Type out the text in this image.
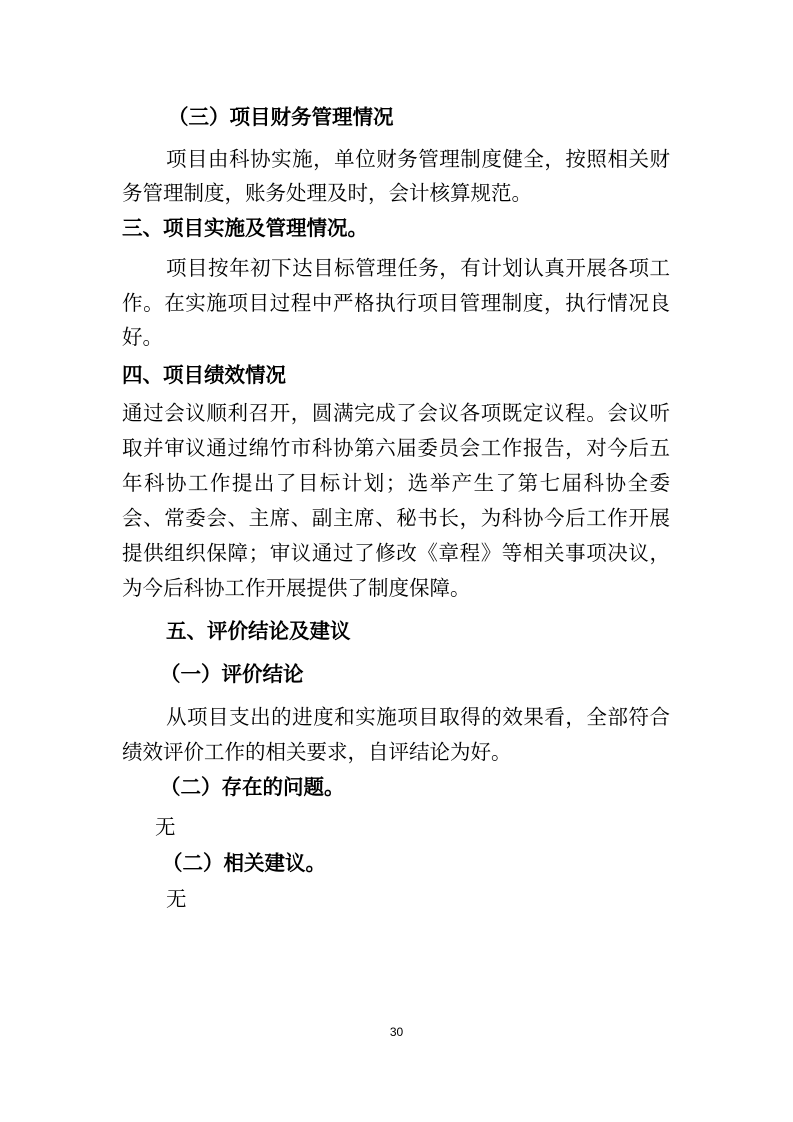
（三）项目财务管理情况

项目由科协实施，单位财务管理制度健全，按照相关财

务管理制度，账务处理及时，会计核算规范。

三、项目实施及管理情况。

项目按年初下达目标管理任务，有计划认真开展各项工

作。在实施项目过程中严格执行项目管理制度，执行情况良

好。

四、项目绩效情况

通过会议顺利召开，圆满完成了会议各项既定议程。会议听

取并审议通过绵竹市科协第六届委员会工作报告，对今后五

年科协工作提出了目标计划；选举产生了第七届科协全委

会、常委会、主席、副主席、秘书长，为科协今后工作开展

提供组织保障；审议通过了修改《章程》等相关事项决议，

为今后科协工作开展提供了制度保障。

五、评价结论及建议

（一）评价结论

从项目支出的进度和实施项目取得的效果看，全部符合

绩效评价工作的相关要求，自评结论为好。

（二）存在的问题。

无

（二）相关建议。

无

30
